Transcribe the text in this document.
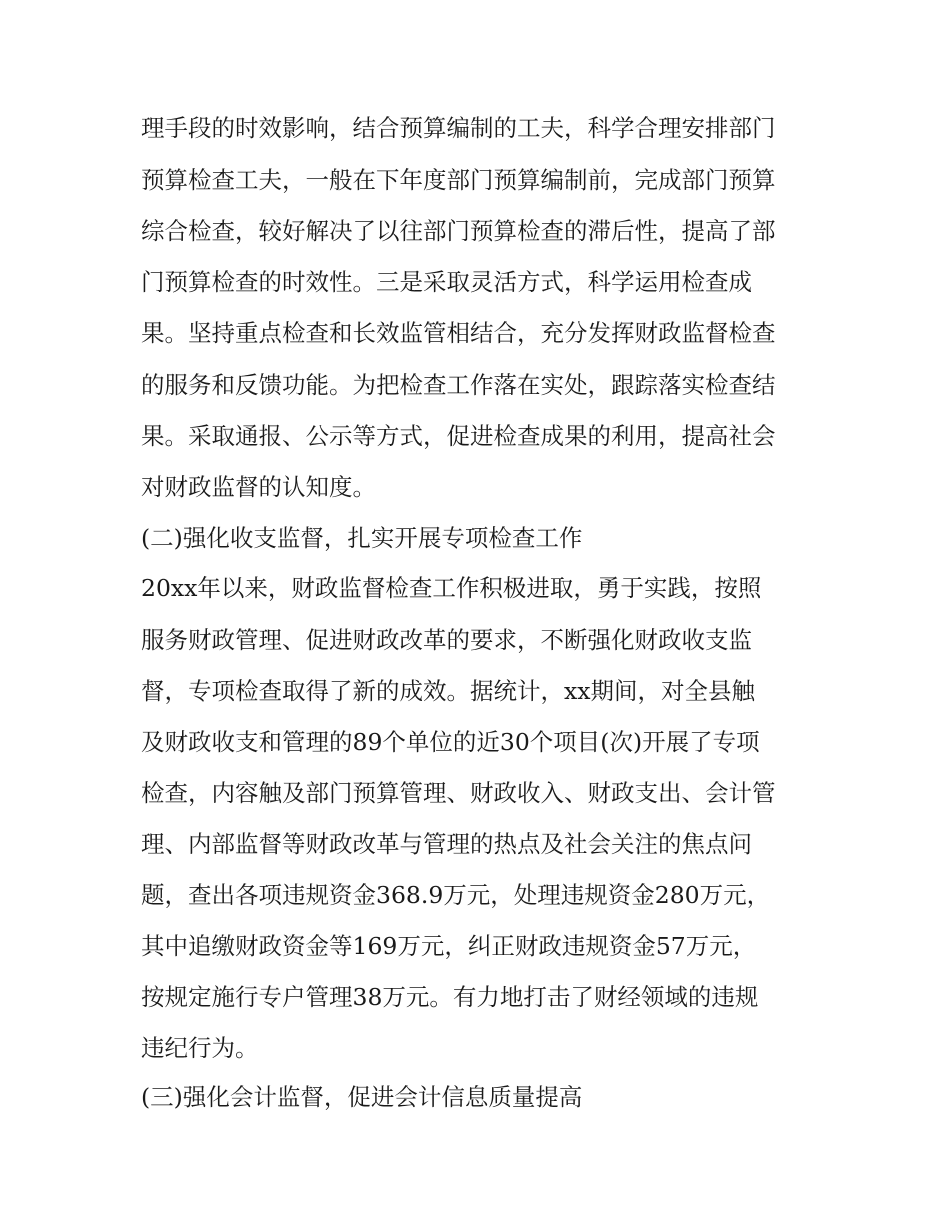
理手段的时效影响，结合预算编制的工夫，科学合理安排部门
预算检查工夫，一般在下年度部门预算编制前，完成部门预算
综合检查，较好解决了以往部门预算检查的滞后性，提高了部
门预算检查的时效性。三是采取灵活方式，科学运用检查成
果。坚持重点检查和长效监管相结合，充分发挥财政监督检查
的服务和反馈功能。为把检查工作落在实处，跟踪落实检查结
果。采取通报、公示等方式，促进检查成果的利用，提高社会
对财政监督的认知度。
(二)强化收支监督，扎实开展专项检查工作
20xx年以来，财政监督检查工作积极进取，勇于实践，按照
服务财政管理、促进财政改革的要求，不断强化财政收支监
督，专项检查取得了新的成效。据统计，xx期间，对全县触
及财政收支和管理的89个单位的近30个项目(次)开展了专项
检查，内容触及部门预算管理、财政收入、财政支出、会计管
理、内部监督等财政改革与管理的热点及社会关注的焦点问
题，查出各项违规资金368.9万元，处理违规资金280万元，
其中追缴财政资金等169万元，纠正财政违规资金57万元，
按规定施行专户管理38万元。有力地打击了财经领域的违规
违纪行为。
(三)强化会计监督，促进会计信息质量提高
